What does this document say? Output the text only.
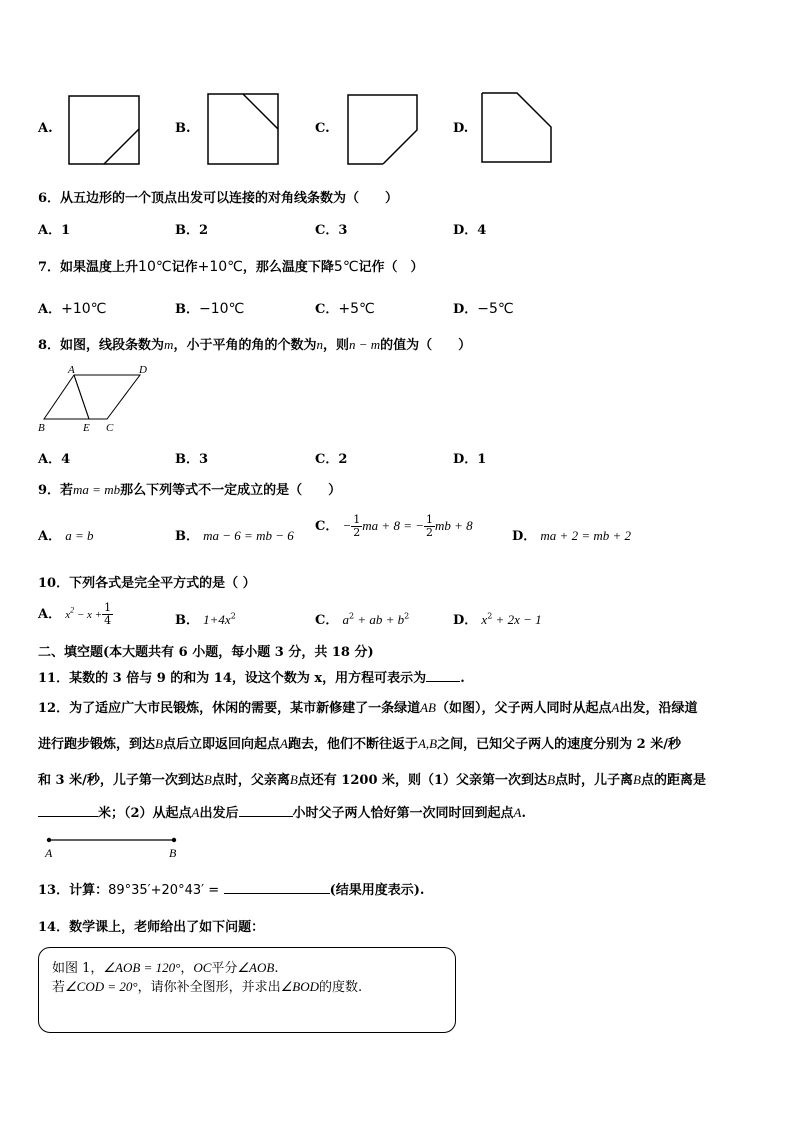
A.	B.	C.	D.
6．从五边形的一个顶点出发可以连接的对角线条数为（　　）
A．1	B．2	C．3	D．4
7．如果温度上升10℃记作+10℃，那么温度下降5℃记作（　）
A．+10℃	B．−10℃	C．+5℃	D．−5℃
8．如图，线段条数为m，小于平角的角的个数为n，则n − m的值为（　　）
A	D
B	E C
A．4	B．3	C．2	D．1
9．若ma = mb那么下列等式不一定成立的是（　　）
A． a = b	B． ma − 6 = mb − 6
C． − $\frac{1}{2}$ ma + 8 = − $\frac{1}{2}$ mb + 8
D． ma + 2 = mb + 2
10．下列各式是完全平方式的是（ ）
A． $x^2 - x + \frac{1}{4}$	B． $1+4x^2$	C． $a^2$ + ab + $b^2$	D． $x^2 + 2x - 1$
二、填空题(本大题共有 6 小题，每小题 3 分，共 18 分)
11．某数的 3 倍与 9 的和为 14，设这个数为 x，用方程可表示为	.
12．为了适应广大市民锻炼，休闲的需要，某市新修建了一条绿道AB（如图），父子两人同时从起点A出发，沿绿道
进行跑步锻炼，到达B点后立即返回向起点A跑去，他们不断往返于A,B之间，已知父子两人的速度分别为 2 米/秒
和 3 米/秒，儿子第一次到达B点时，父亲离B点还有 1200 米，则（1）父亲第一次到达B点时，儿子离B点的距离是
米；（2）从起点A出发后	小时父子两人恰好第一次同时回到起点A.
A	B
13．计算：89°35′+20°43′ =	(结果用度表示).
14．数学课上，老师给出了如下问题：
如图 1，∠AOB = 120°，OC平分∠AOB.
若∠COD = 20°，请你补全图形，并求出∠BOD的度数.
